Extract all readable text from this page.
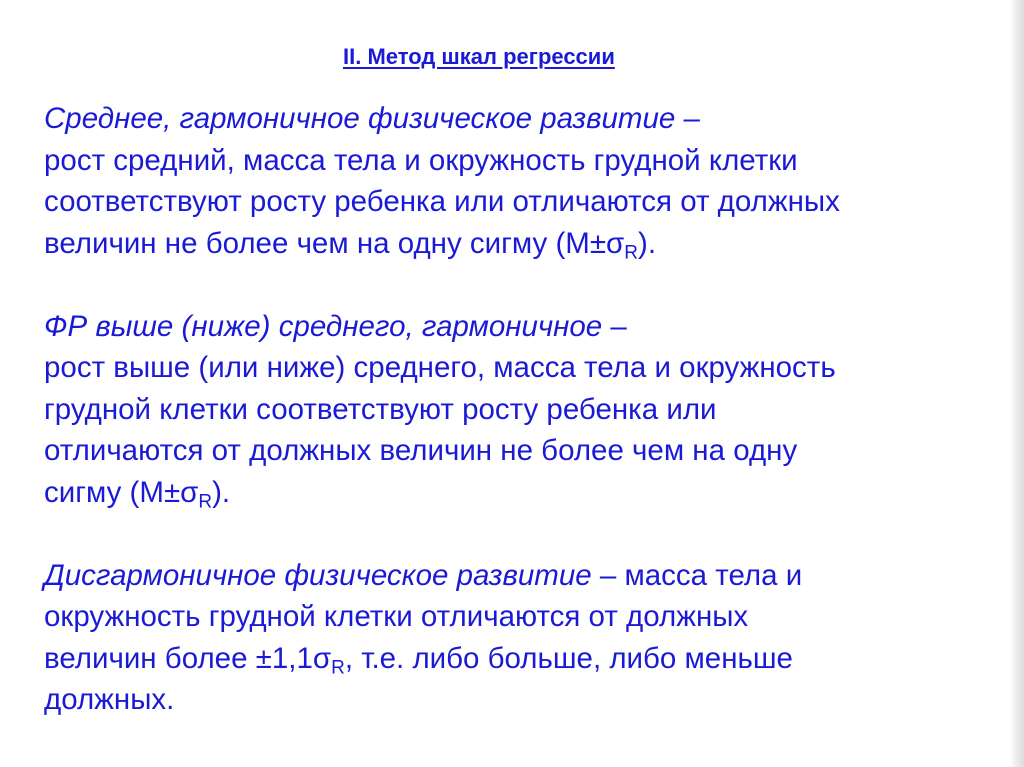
II. Метод шкал регрессии

Среднее, гармоничное физическое развитие –
рост средний, масса тела и окружность грудной клетки
соответствуют росту ребенка или отличаются от должных
величин не более чем на одну сигму $(М\pm\sigma_R)$.

ФР выше (ниже) среднего, гармоничное –
рост выше (или ниже) среднего, масса тела и окружность
грудной клетки соответствуют росту ребенка или
отличаются от должных величин не более чем на одну
сигму $(М\pm\sigma_R)$.

Дисгармоничное физическое развитие – масса тела и
окружность грудной клетки отличаются от должных
величин более $\pm 1,1\sigma_R$, т.е. либо больше, либо меньше
должных.
